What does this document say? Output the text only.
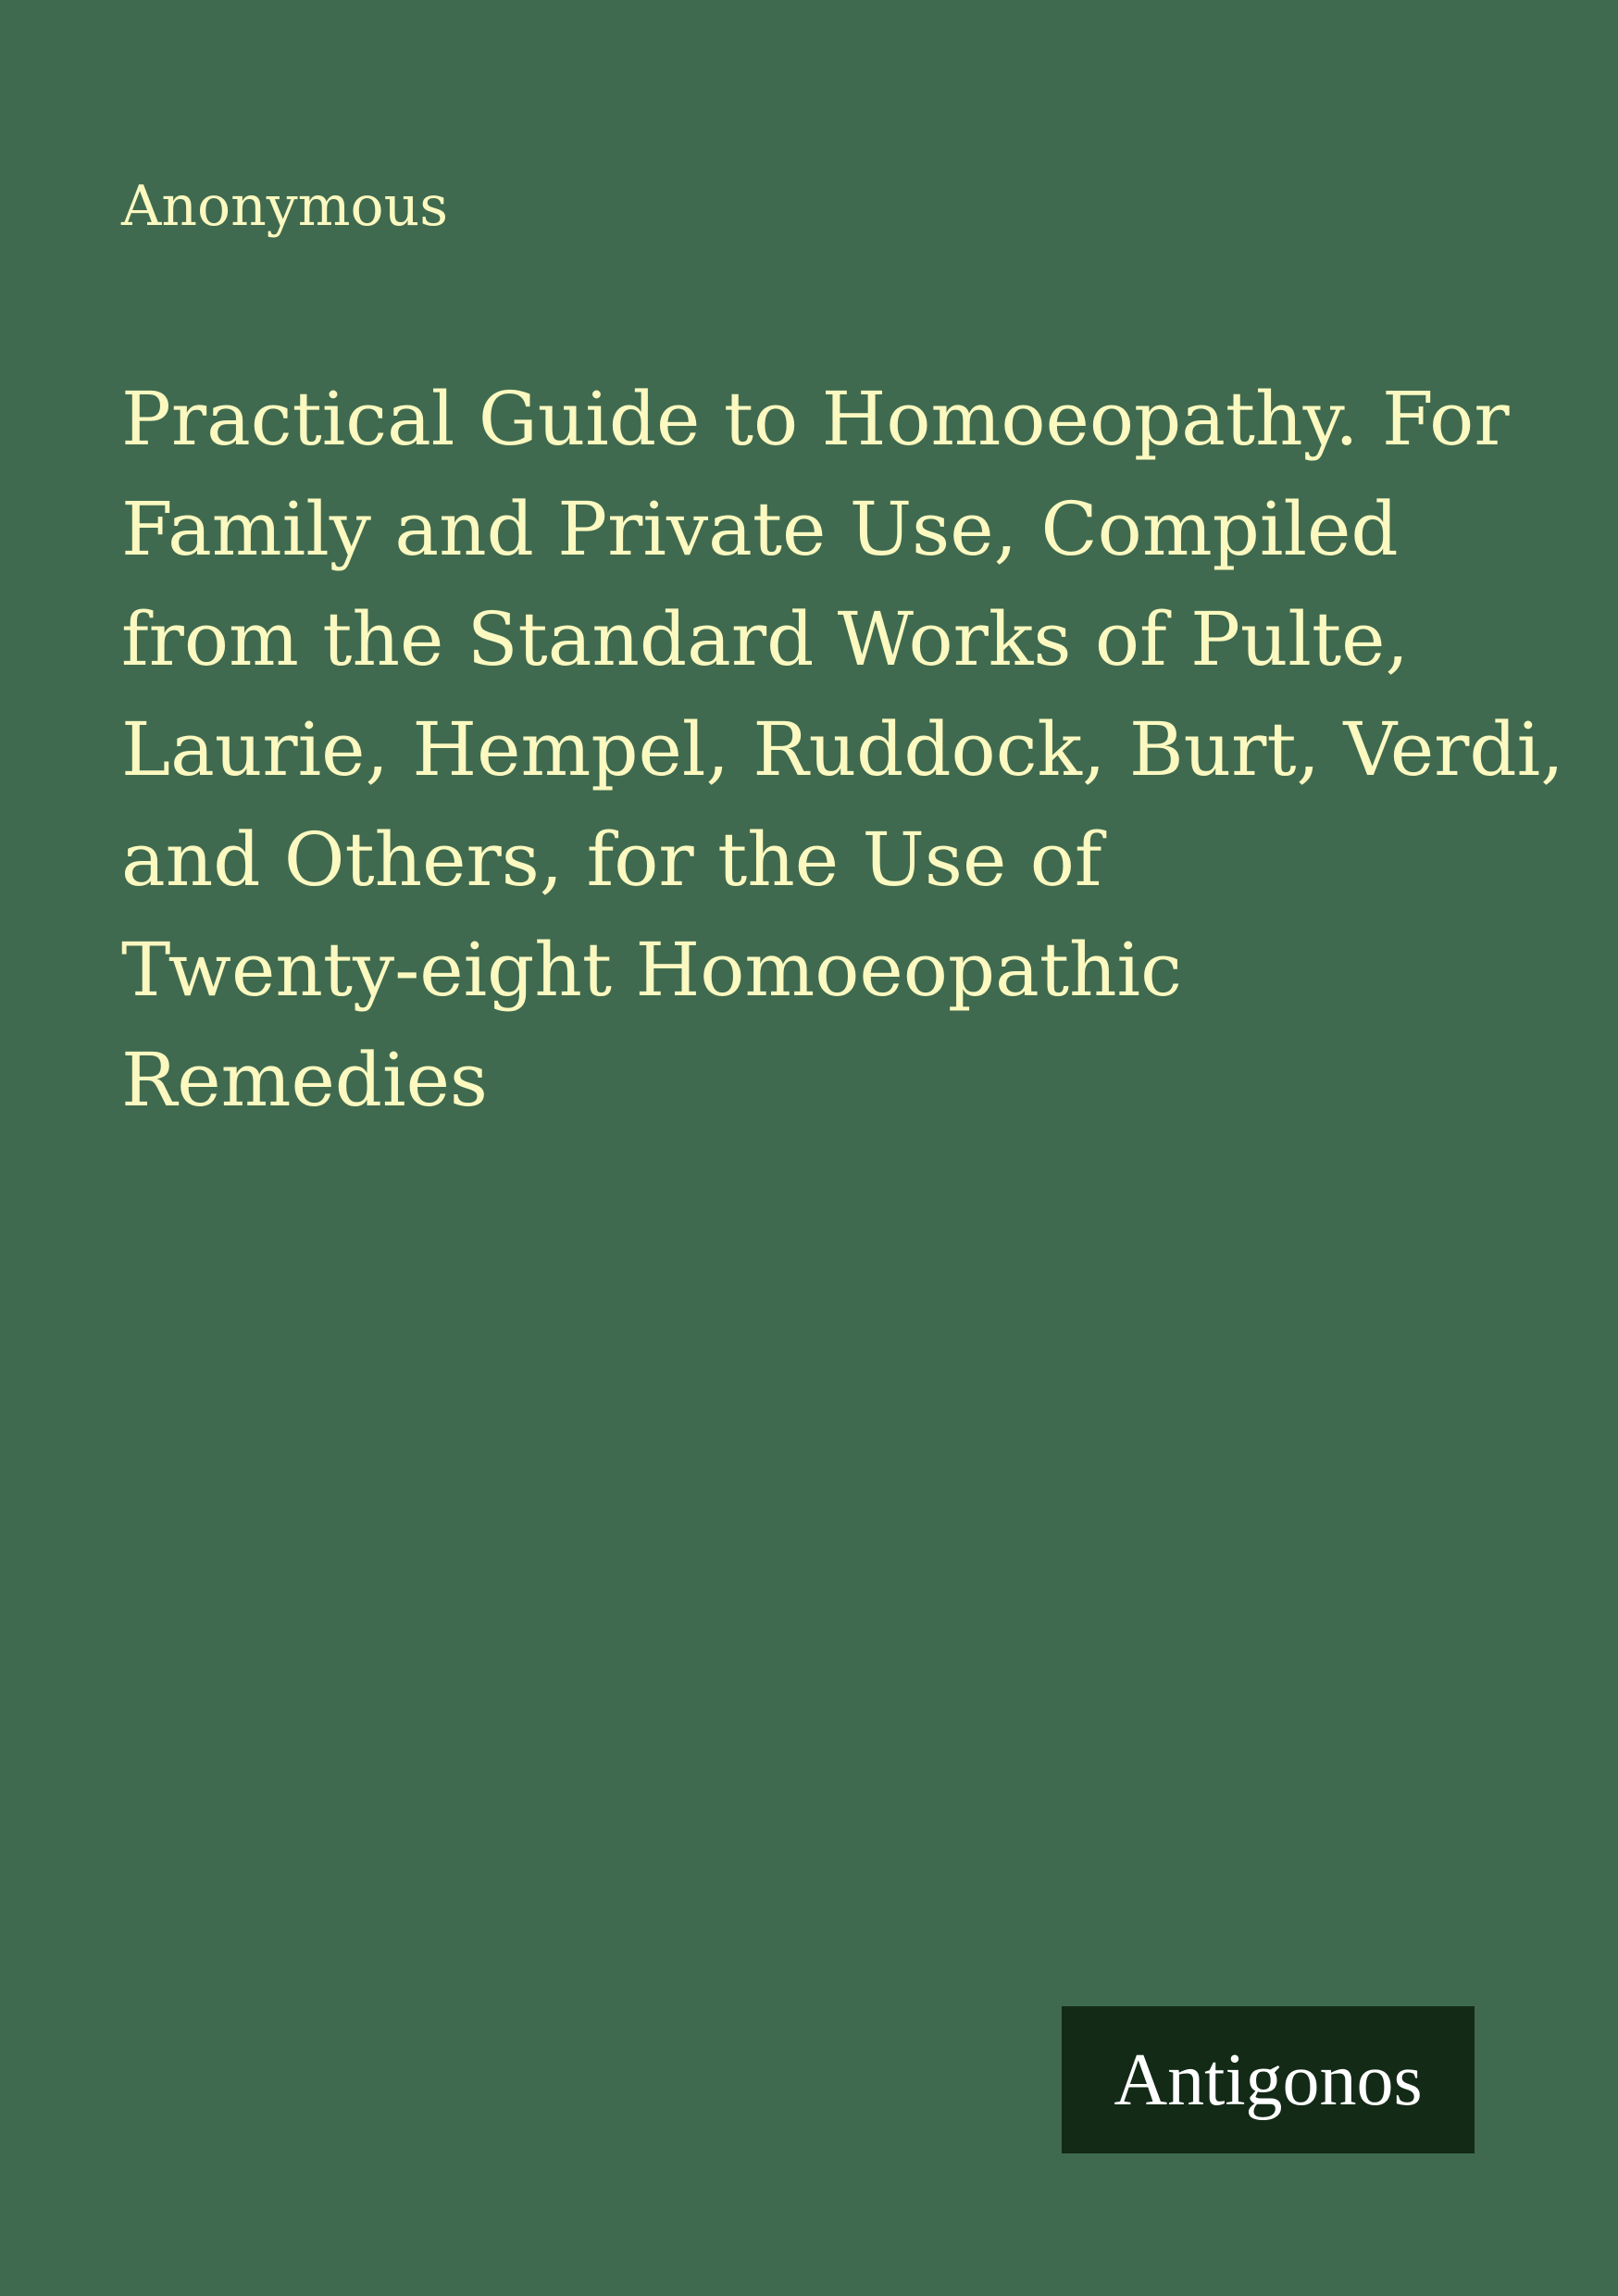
Anonymous

Practical Guide to Homoeopathy. For
Family and Private Use, Compiled
from the Standard Works of Pulte,
Laurie, Hempel, Ruddock, Burt, Verdi,
and Others, for the Use of
Twenty-eight Homoeopathic
Remedies
Antigonos
